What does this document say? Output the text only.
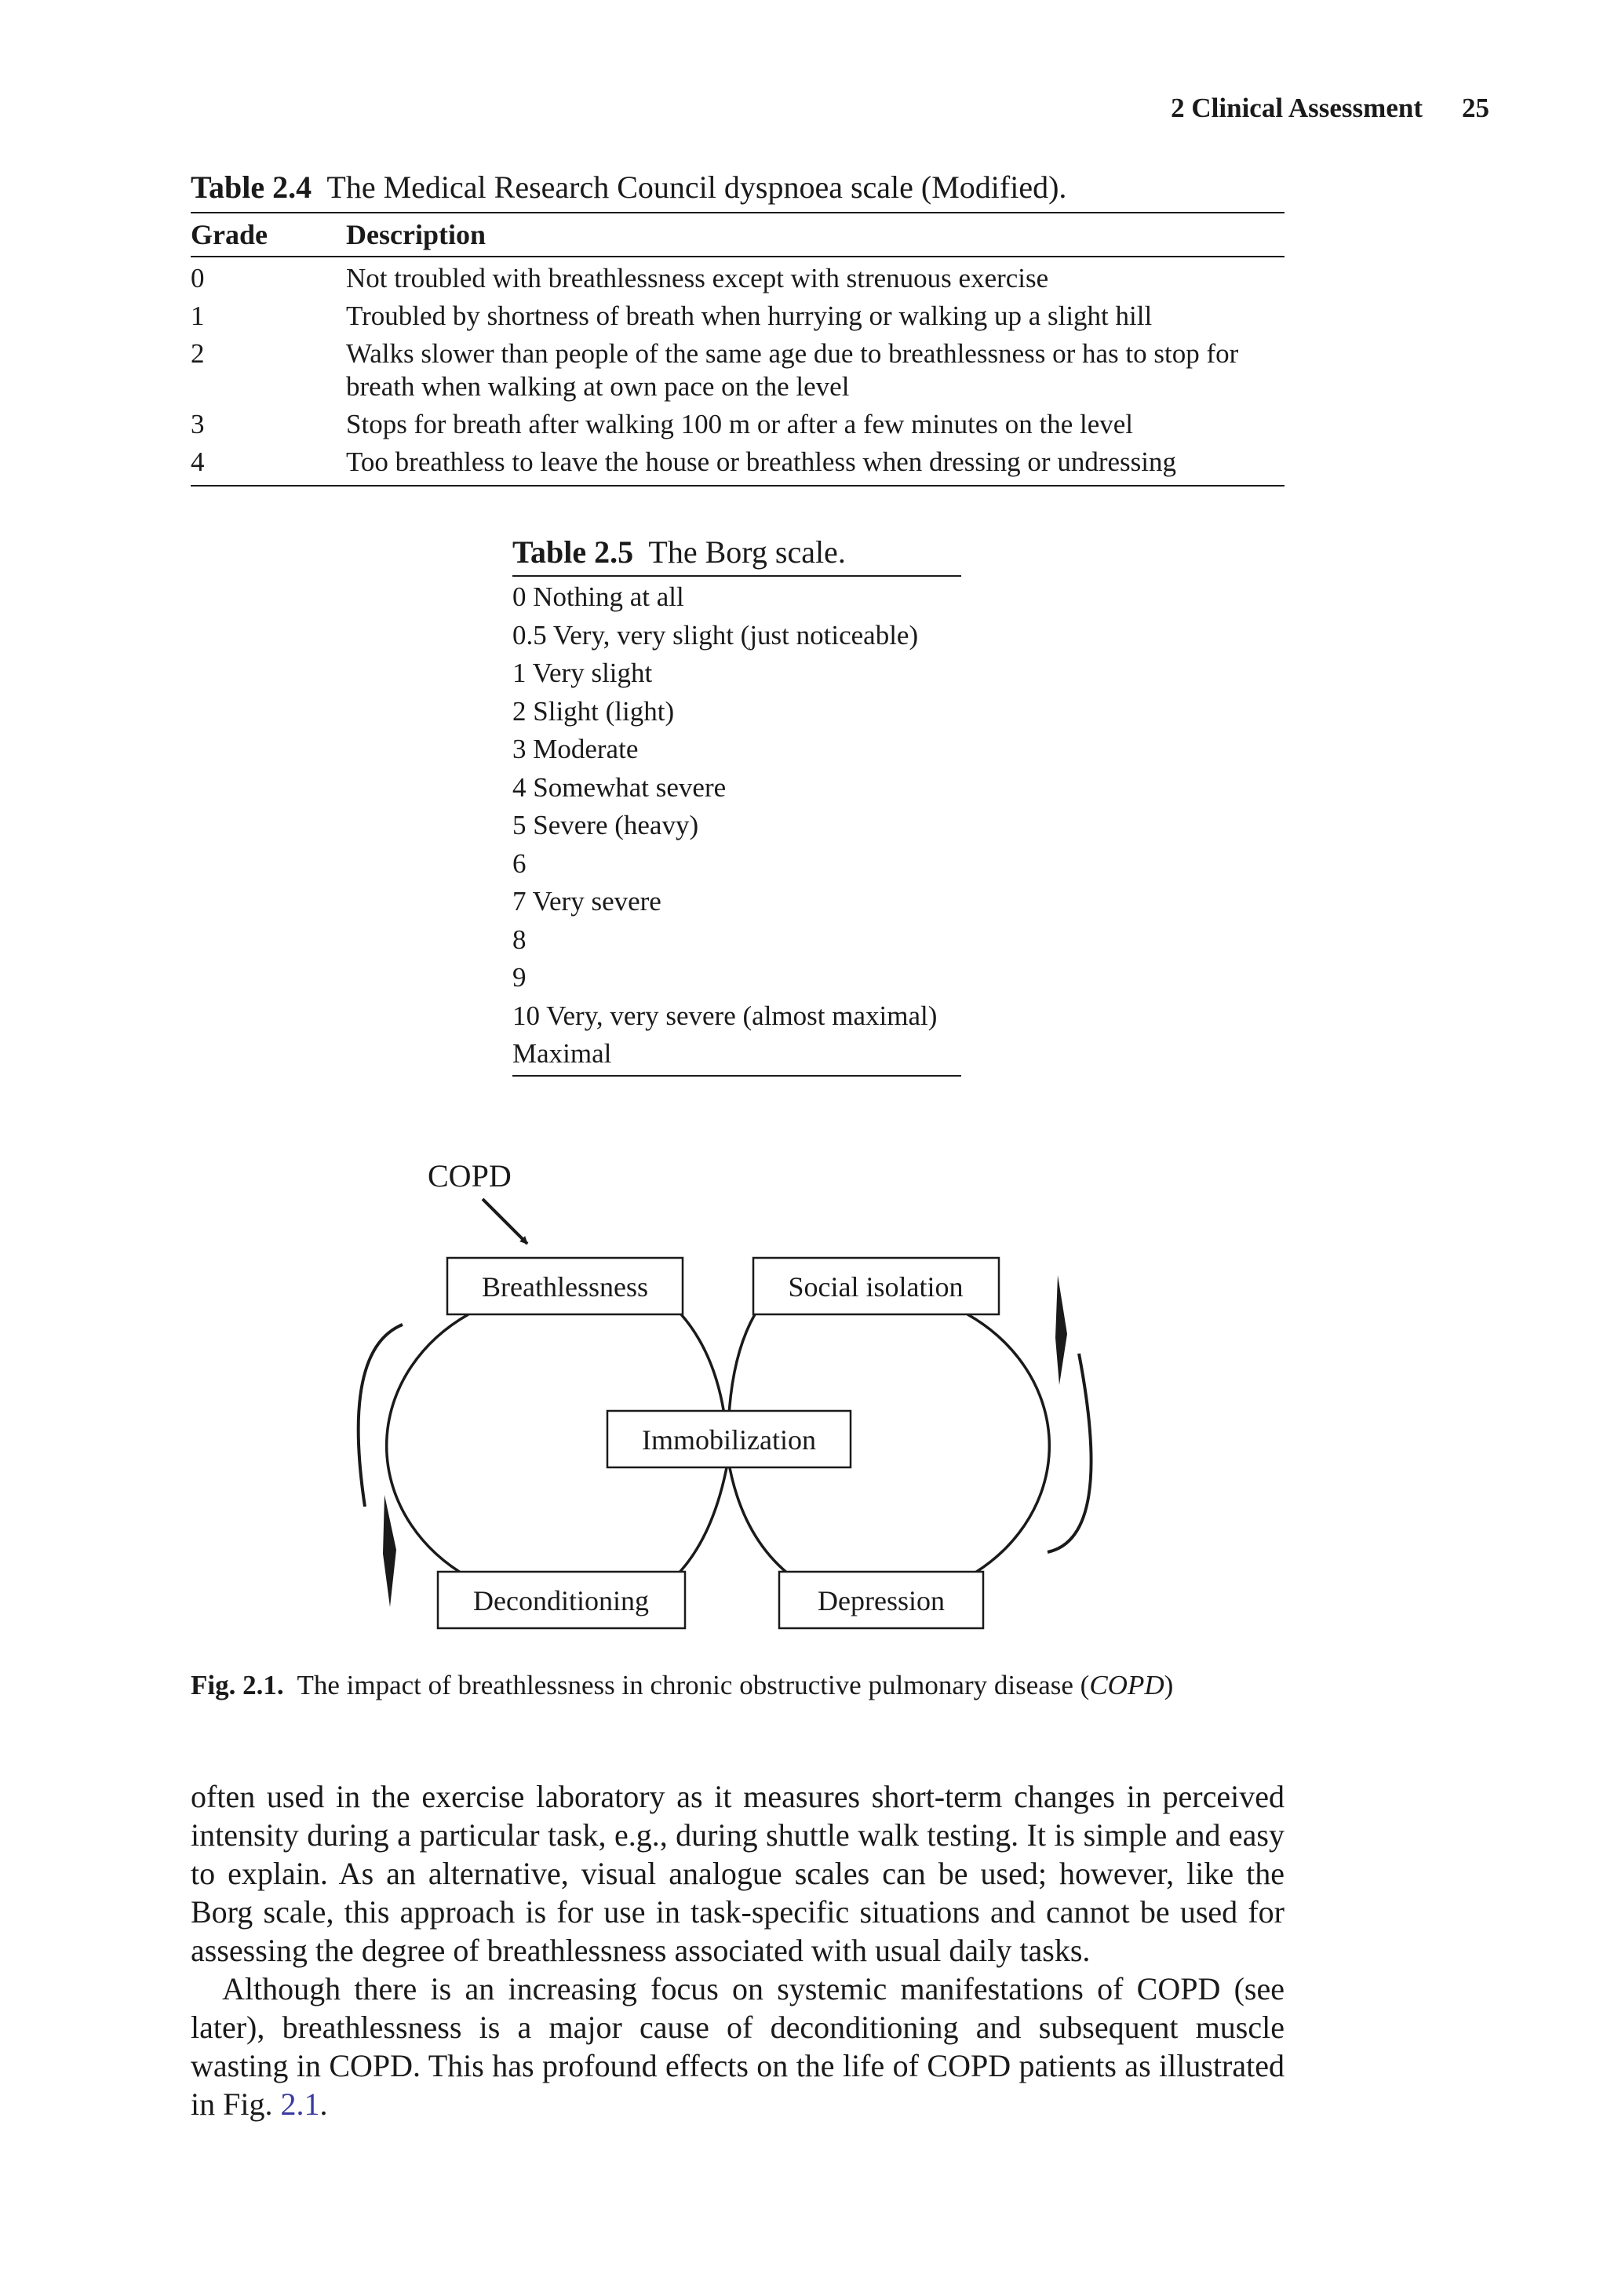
2 Clinical Assessment 25
Table 2.4 The Medical Research Council dyspnoea scale (Modified).
Grade	Description
0	Not troubled with breathlessness except with strenuous exercise
1	Troubled by shortness of breath when hurrying or walking up a slight hill
2	Walks slower than people of the same age due to breathlessness or has to stop for breath when walking at own pace on the level
3	Stops for breath after walking 100 m or after a few minutes on the level
4	Too breathless to leave the house or breathless when dressing or undressing
Table 2.5 The Borg scale.
0 Nothing at all
0.5 Very, very slight (just noticeable)
1 Very slight
2 Slight (light)
3 Moderate
4 Somewhat severe
5 Severe (heavy)
6
7 Very severe
8
9
10 Very, very severe (almost maximal)
Maximal
COPD
Breathlessness	Social isolation
Immobilization
Deconditioning	Depression
Fig. 2.1. The impact of breathlessness in chronic obstructive pulmonary disease (COPD)

often used in the exercise laboratory as it measures short-term changes in perceived intensity during a particular task, e.g., during shuttle walk testing. It is simple and easy to explain. As an alternative, visual analogue scales can be used; however, like the Borg scale, this approach is for use in task-specific situations and cannot be used for assessing the degree of breathlessness associated with usual daily tasks.

Although there is an increasing focus on systemic manifestations of COPD (see later), breathlessness is a major cause of deconditioning and subsequent muscle wasting in COPD. This has profound effects on the life of COPD patients as illustrated in Fig. 2.1.
